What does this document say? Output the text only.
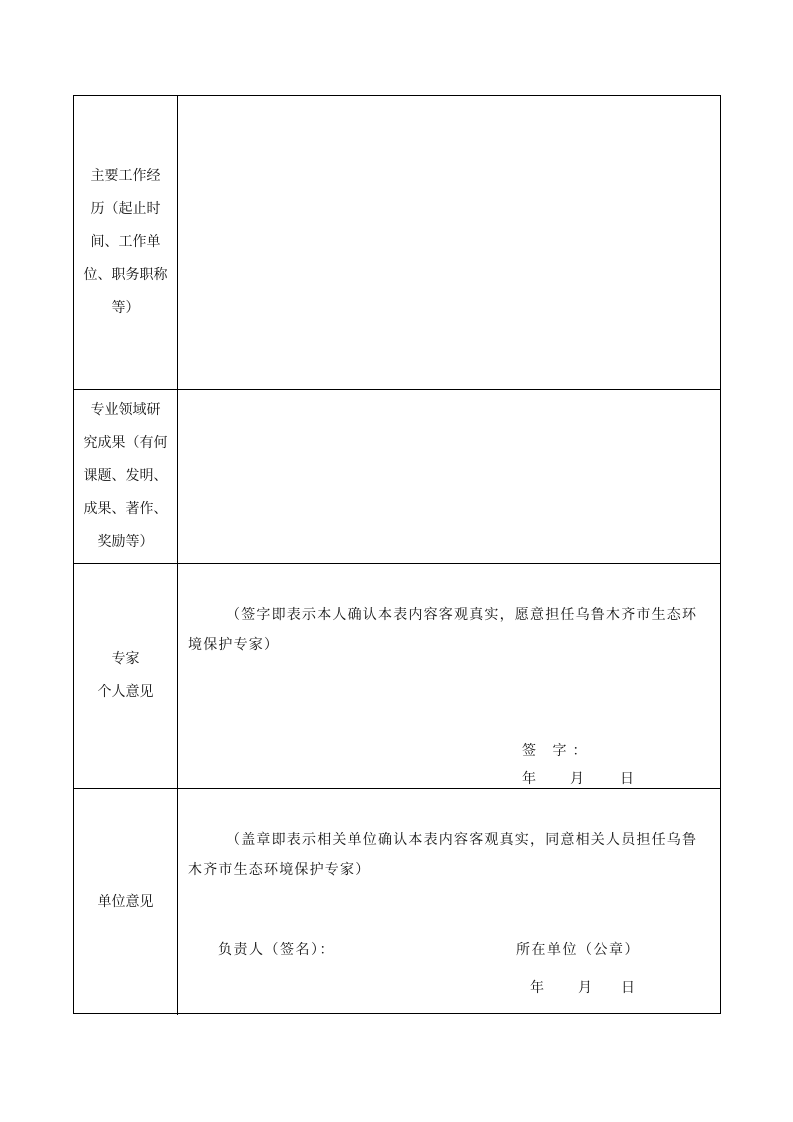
主要工作经
历（起止时
间、工作单
位、职务职称
等）
专业领域研
究成果（有何
课题、发明、
成果、著作、
奖励等）
专家
个人意见
（签字即表示本人确认本表内容客观真实，愿意担任乌鲁木齐市生态环境保护专家）
签 字：
年 月	日
单位意见
（盖章即表示相关单位确认本表内容客观真实，同意相关人员担任乌鲁木齐市生态环境保护专家）
负责人（签名）：	所在单位（公章）
年 月 日
